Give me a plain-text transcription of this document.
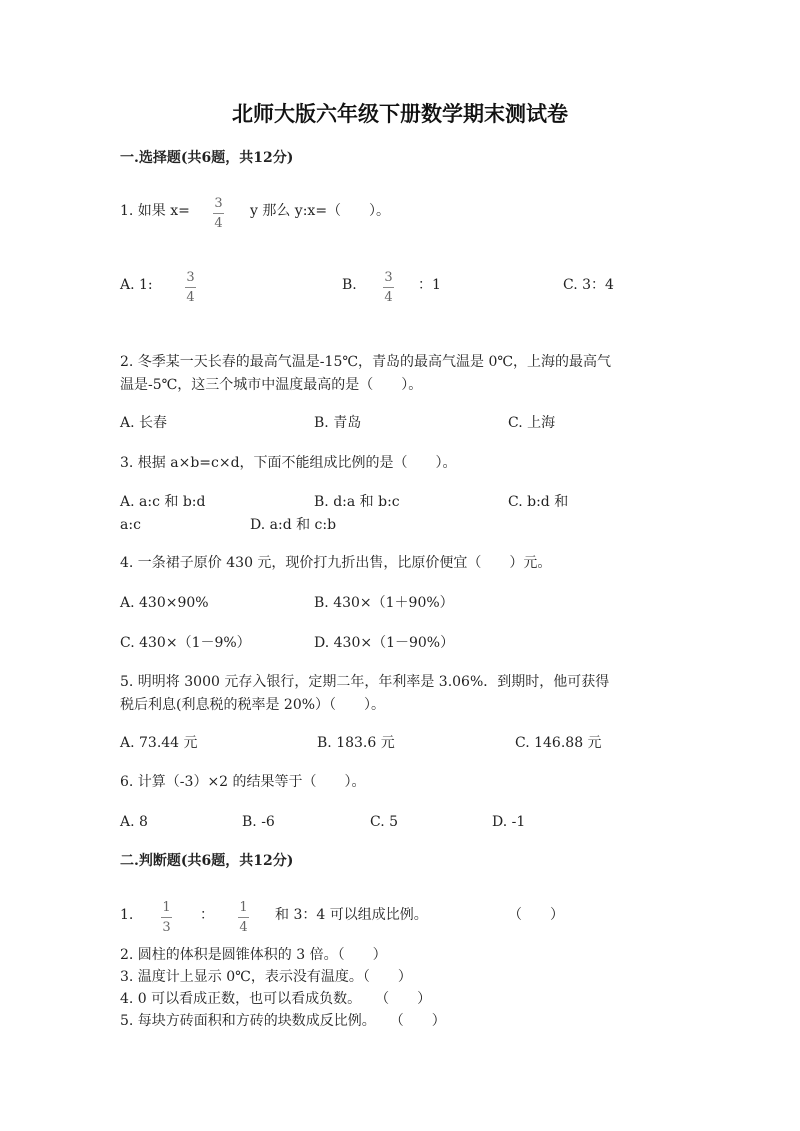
北师大版六年级下册数学期末测试卷
一.选择题(共6题，共12分)
1. 如果 x= 3
4
y 那么 y:x=（　　）。
A. 1:	3
4
B. 3
4
：1	C. 3：4
2. 冬季某一天长春的最高气温是-15℃，青岛的最高气温是 0℃，上海的最高气
温是-5℃，这三个城市中温度最高的是（　　）。
A. 长春	B. 青岛	C. 上海
3. 根据 a×b=c×d，下面不能组成比例的是（　　）。
A. a:c 和 b:d	B. d:a 和 b:c	C. b:d 和
a:c	D. a:d 和 c:b
4. 一条裙子原价 430 元，现价打九折出售，比原价便宜（　　）元。
A. 430×90%	B. 430×（1＋90%）
C. 430×（1－9%）	D. 430×（1－90%）
5. 明明将 3000 元存入银行，定期二年，年利率是 3.06%．到期时，他可获得
税后利息(利息税的税率是 20%）（　　）。
A. 73.44 元	B. 183.6 元	C. 146.88 元
6. 计算（-3）×2 的结果等于（　　）。
A. 8	B. -6	C. 5	D. -1
二.判断题(共6题，共12分)
1. 1
3
： 1
4
和 3：4 可以组成比例。	（　　）
2. 圆柱的体积是圆锥体积的 3 倍。（　　）
3. 温度计上显示 0℃，表示没有温度。（　　）
4. 0 可以看成正数，也可以看成负数。　　（　　）
5. 每块方砖面积和方砖的块数成反比例。　　（　　）
